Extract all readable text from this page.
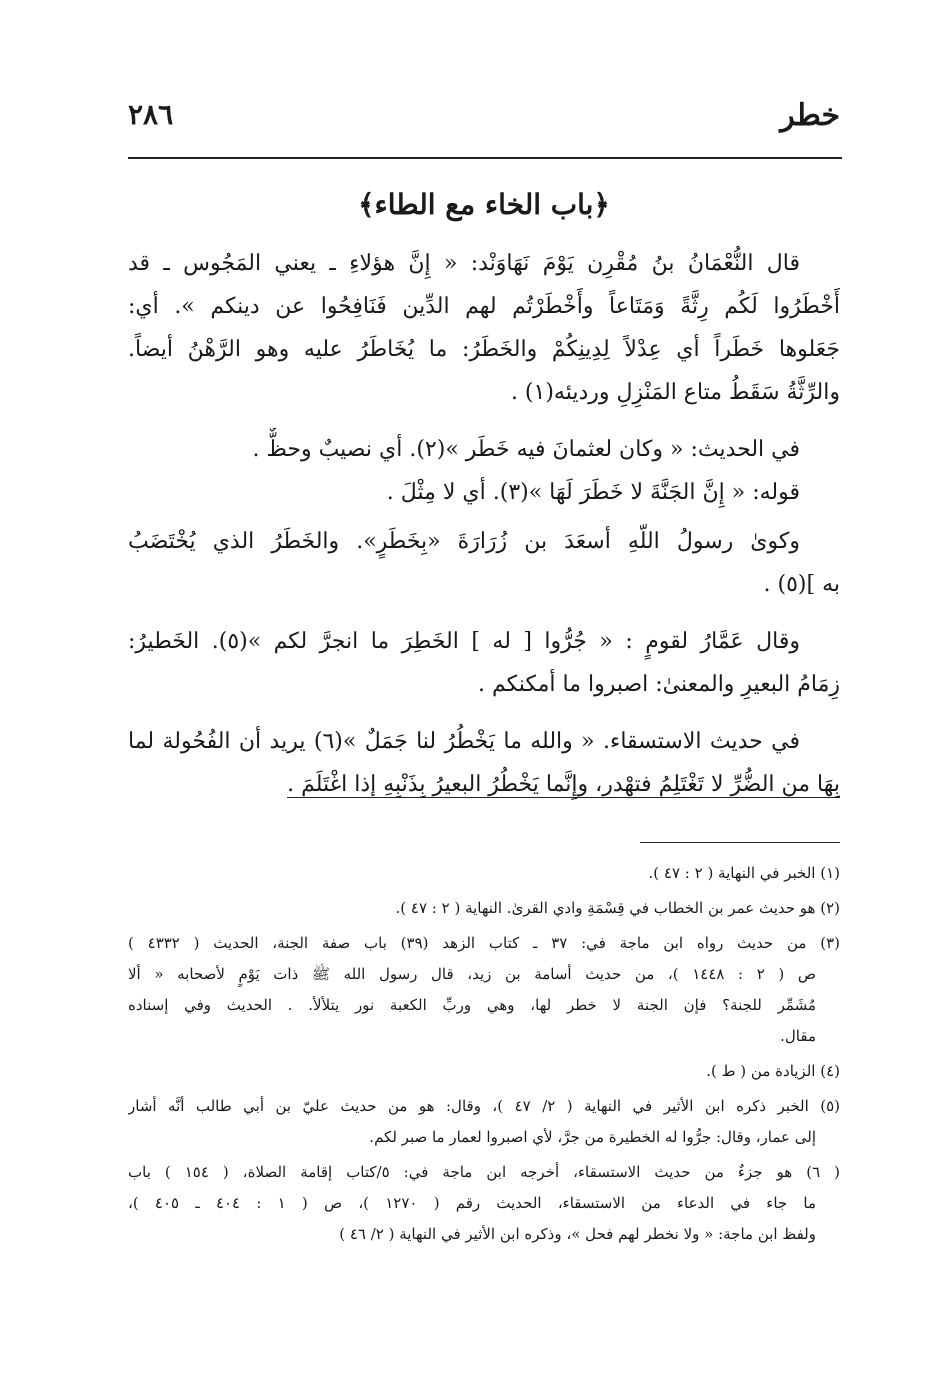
خطر
٢٨٦
﴿باب الخاء مع الطاء﴾
قال النُّعْمَانُ بنُ مُقْرِن يَوْمَ نَهَاوَنْد: « إِنَّ هؤلاءِ ـ يعني المَجُوس ـ قد
أَخْطَرُوا لَكُم رِثَّةً وَمَتَاعاً وأَخْطَرْتُم لهم الدِّين فَنَافِحُوا عن دينكم ». أي:
جَعَلوها خَطَراً أي عِدْلاً لِدِينِكُمْ والخَطَرُ: ما يُخَاطَرُ عليه وهو الرَّهْنُ أيضاً.
والرِّثَّةُ سَقَطُ متاع المَنْزِلِ ورديئه(١) .
في الحديث: « وكان لعثمانَ فيه خَطَر »(٢). أي نصيبٌ وحظٌّ .
قوله: « إِنَّ الجَنَّةَ لا خَطَرَ لَهَا »(٣). أي لا مِثْلَ .
وكوىٰ رسولُ اللّهِ أسعَدَ بن زُرَارَةَ «بِخَطَرٍ». والخَطَرُ الذي يُخْتَضَبُ
به ](٥) .
وقال عَمَّارُ لقومٍ : « جُرُّوا [ له ] الخَطِرَ ما انجرَّ لكم »(٥). الخَطيرُ:
زِمَامُ البعيرِ والمعنىٰ: اصبروا ما أمكنكم .
في حديث الاستسقاء. « والله ما يَخْطُرُ لنا جَمَلٌ »(٦) يريد أن الفُحُولة لما
بِهَا من الضُّرِّ لا تَغْتَلِمُ فتهْدر، وإِنَّما يَخْطُرُ البعيرُ بِذَنْبِهِ إذا اغْتَلَمَ .
(١) الخبر في النهاية ( ٢ : ٤٧ ).
(٢) هو حديث عمر بن الخطاب في قِسْمَةِ وادي القرىٰ. النهاية ( ٢ : ٤٧ ).
(٣) من حديث رواه ابن ماجة في: ٣٧ ـ كتاب الزهد (٣٩) باب صفة الجنة، الحديث ( ٤٣٣٢ )
ص ( ٢ : ١٤٤٨ )، من حديث أسامة بن زيد، قال رسول الله ﷺ ذات يَوْمٍ لأصحابه « ألا
مُشَمِّر للجنة؟ فإن الجنة لا خطر لها، وهي وربِّ الكعبة نور يتلألأ. . الحديث وفي إسناده
مقال.
(٤) الزيادة من ( ط ).
(٥) الخبر ذكره ابن الأثير في النهاية ( ٢/ ٤٧ )، وقال: هو من حديث عليّ بن أبي طالب أنَّه أشار
إلى عمار، وقال: جرُّوا له الخطيرة من جرَّ، لأي اصبروا لعمار ما صبر لكم.
( ٦) هو جزءٌ من حديث الاستسقاء، أخرجه ابن ماجة في: ٥/كتاب إقامة الصلاة، ( ١٥٤ ) باب
ما جاء في الدعاء من الاستسقاء، الحديث رقم ( ١٢٧٠ )، ص ( ١ : ٤٠٤ ـ ٤٠٥ )،
ولفظ ابن ماجة: « ولا نخطر لهم فحل »، وذكره ابن الأثير في النهاية ( ٢/ ٤٦ )
